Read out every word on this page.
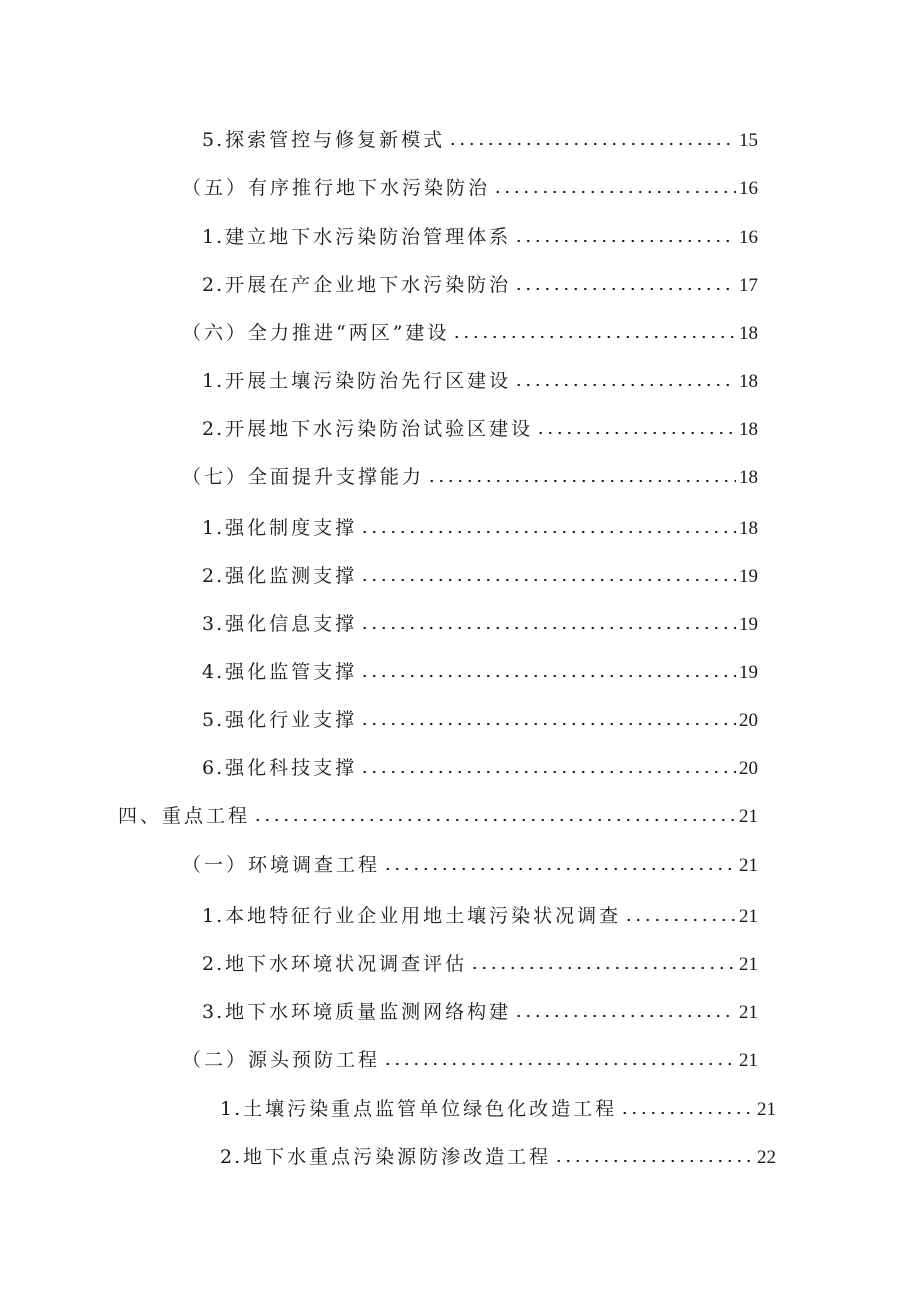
5 .探索管控与修复新模式	15
（五）有序推行地下水污染防治	16
1 .建立地下水污染防治管理体系	16
2 .开展在产企业地下水污染防治	17
（六）全力推进“两区”建设	18
1 .开展土壤污染防治先行区建设	18
2 .开展地下水污染防治试验区建设	18
（七）全面提升支撑能力	18
1 .强化制度支撑	18
2 .强化监测支撑	19
3 .强化信息支撑	19
4 .强化监管支撑	19
5 .强化行业支撑	20
6 .强化科技支撑	20
四、重点工程	21
（一）环境调查工程	21
1 .本地特征行业企业用地土壤污染状况调查	21
2 .地下水环境状况调查评估	21
3 .地下水环境质量监测网络构建	21
（二）源头预防工程	21
1 .土壤污染重点监管单位绿色化改造工程	21
2 .地下水重点污染源防渗改造工程	22
